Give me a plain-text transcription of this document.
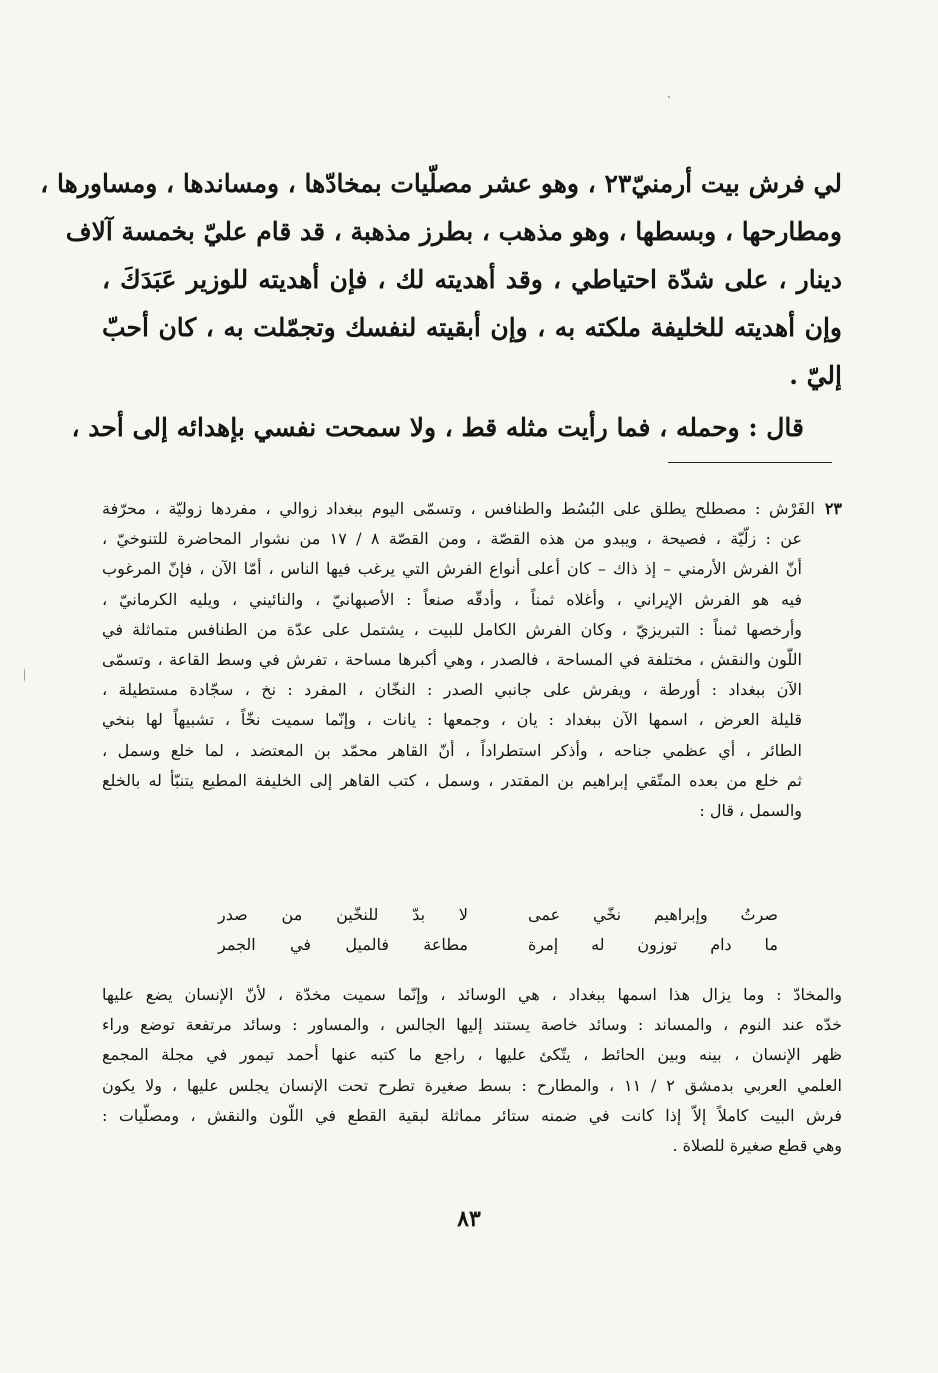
لي فرش بيت أرمنيّ٢٣ ، وهو عشر مصلّيات بمخادّها ، ومساندها ، ومساورها ،
ومطارحها ، وبسطها ، وهو مذهب ، بطرز مذهبة ، قد قام عليّ بخمسة آلاف
دينار ، على شدّة احتياطي ، وقد أهديته لك ، فإن أهديته للوزير عَبَدَكَ ،
وإن أهديته للخليفة ملكته به ، وإن أبقيته لنفسك وتجمّلت به ، كان أحبّ
إليّ .
قال : وحمله ، فما رأيت مثله قط ، ولا سمحت نفسي بإهدائه إلى أحد ،
٢٣الفَرْش : مصطلح يطلق على البُسُط والطنافس ، وتسمّى اليوم ببغداد زوالي ، مفردها زوليّة ، محرّفة
عن : زلّيّة ، فصيحة ، ويبدو من هذه القصّة ، ومن القصّة ٨ / ١٧ من نشوار المحاضرة للتنوخيّ ،
أنّ الفرش الأرمني – إذ ذاك – كان أعلى أنواع الفرش التي يرغب فيها الناس ، أمّا الآن ، فإنّ المرغوب
فيه هو الفرش الإيراني ، وأغلاه ثمناً ، وأدقّه صنعاً : الأصبهانيّ ، والنائيني ، ويليه الكرمانيّ ،
وأرخصها ثمناً : التبريزيّ ، وكان الفرش الكامل للبيت ، يشتمل على عدّة من الطنافس متماثلة في
اللّون والنقش ، مختلفة في المساحة ، فالصدر ، وهي أكبرها مساحة ، تفرش في وسط القاعة ، وتسمّى
الآن ببغداد : أورطة ، ويفرش على جانبي الصدر : النخّان ، المفرد : نخ ، سجّادة مستطيلة ،
قليلة العرض ، اسمها الآن ببغداد : يان ، وجمعها : يانات ، وإنّما سميت نخّاً ، تشبيهاً لها بنخي
الطائر ، أي عظمي جناحه ، وأذكر استطراداً ، أنّ القاهر محمّد بن المعتضد ، لما خلع وسمل ،
ثم خلع من بعده المتّقي إبراهيم بن المقتدر ، وسمل ، كتب القاهر إلى الخليفة المطيع يتنبّأ له بالخلع
والسمل ، قال :
صرتُ وإبراهيم نخّي عمى
لا بدّ للنخّين من صدر
ما دام توزون له إمرة
مطاعة فالميل في الجمر
والمخادّ : وما يزال هذا اسمها ببغداد ، هي الوسائد ، وإنّما سميت مخدّة ، لأنّ الإنسان يضع عليها
خدّه عند النوم ، والمساند : وسائد خاصة يستند إليها الجالس ، والمساور : وسائد مرتفعة توضع وراء
ظهر الإنسان ، بينه وبين الحائط ، يتّكئ عليها ، راجع ما كتبه عنها أحمد تيمور في مجلة المجمع
العلمي العربي بدمشق ٢ / ١١ ، والمطارح : بسط صغيرة تطرح تحت الإنسان يجلس عليها ، ولا يكون
فرش البيت كاملاً إلاّ إذا كانت في ضمنه ستائر مماثلة لبقية القطع في اللّون والنقش ، ومصلّيات :
وهي قطع صغيرة للصلاة .
٨٣
